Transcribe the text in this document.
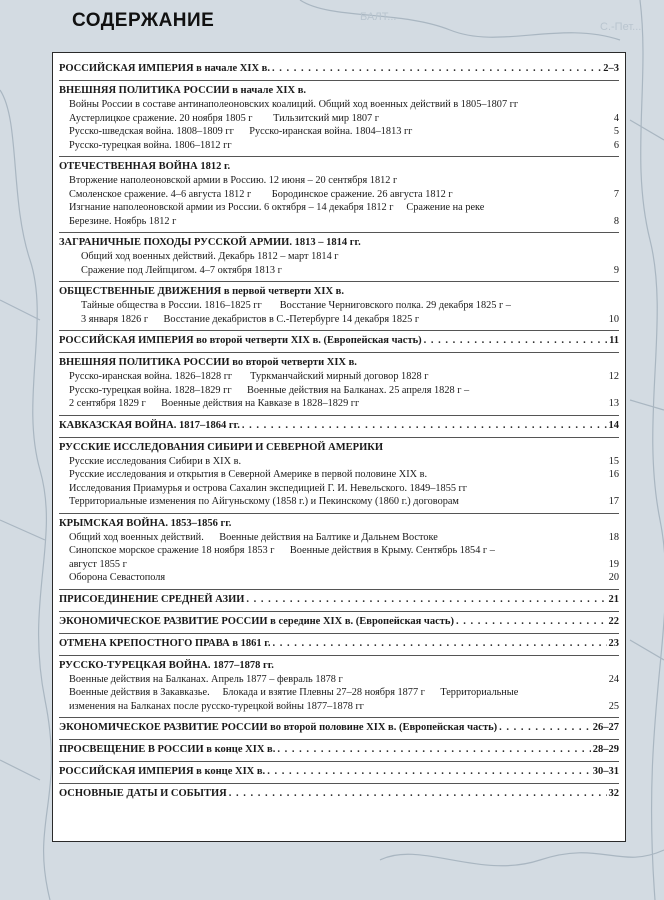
БАЛТ...
С.-Пет...
СОДЕРЖАНИЕ
РОССИЙСКАЯ ИМПЕРИЯ в начале XIX в. . . .	2–3
ВНЕШНЯЯ ПОЛИТИКА РОССИИ в начале XIX в.
Войны России в составе антинаполеоновских коалиций. Общий ход военных действий в 1805–1807 гг
Аустерлицкое сражение. 20 ноября 1805 г        Тильзитский мир 1807 г	4
Русско-шведская война. 1808–1809 гг      Русско-иранская война. 1804–1813 гг	5
Русско-турецкая война. 1806–1812 гг	6
ОТЕЧЕСТВЕННАЯ ВОЙНА 1812 г.
Вторжение наполеоновской армии в Россию. 12 июня – 20 сентября 1812 г
Смоленское сражение. 4–6 августа 1812 г        Бородинское сражение. 26 августа 1812 г	7
Изгнание наполеоновской армии из России. 6 октября – 14 декабря 1812 г     Сражение на реке
Березине. Ноябрь 1812 г	8
ЗАГРАНИЧНЫЕ ПОХОДЫ РУССКОЙ АРМИИ. 1813 – 1814 гг.
Общий ход военных действий. Декабрь 1812 – март 1814 г
Сражение под Лейпцигом. 4–7 октября 1813 г	9
ОБЩЕСТВЕННЫЕ ДВИЖЕНИЯ в первой четверти XIX в.
Тайные общества в России. 1816–1825 гг       Восстание Черниговского полка. 29 декабря 1825 г –
3 января 1826 г      Восстание декабристов в С.-Петербурге 14 декабря 1825 г	10
РОССИЙСКАЯ ИМПЕРИЯ во второй четверти XIX в. (Европейская часть) . . .	11
ВНЕШНЯЯ ПОЛИТИКА РОССИИ во второй четверти XIX в.
Русско-иранская война. 1826–1828 гг       Туркманчайский мирный договор 1828 г	12
Русско-турецкая война. 1828–1829 гг      Военные действия на Балканах. 25 апреля 1828 г –
2 сентября 1829 г      Военные действия на Кавказе в 1828–1829 гг	13
КАВКАЗСКАЯ ВОЙНА. 1817–1864 гг. . . .	14
РУССКИЕ ИССЛЕДОВАНИЯ СИБИРИ И СЕВЕРНОЙ АМЕРИКИ
Русские исследования Сибири в XIX в.	15
Русские исследования и открытия в Северной Америке в первой половине XIX в.	16
Исследования Приамурья и острова Сахалин экспедицией Г. И. Невельского. 1849–1855 гг
Территориальные изменения по Айгуньскому (1858 г.) и Пекинскому (1860 г.) договорам	17
КРЫМСКАЯ ВОЙНА. 1853–1856 гг.
Общий ход военных действий.      Военные действия на Балтике и Дальнем Востоке	18
Синопское морское сражение 18 ноября 1853 г      Военные действия в Крыму. Сентябрь 1854 г –
август 1855 г	19
Оборона Севастополя	20
ПРИСОЕДИНЕНИЕ СРЕДНЕЙ АЗИИ . . .	21
ЭКОНОМИЧЕСКОЕ РАЗВИТИЕ РОССИИ в середине XIX в. (Европейская часть) . . .	22
ОТМЕНА КРЕПОСТНОГО ПРАВА в 1861 г. . . .	23
РУССКО-ТУРЕЦКАЯ ВОЙНА. 1877–1878 гг.
Военные действия на Балканах. Апрель 1877 – февраль 1878 г	24
Военные действия в Закавказье.     Блокада и взятие Плевны 27–28 ноября 1877 г      Территориальные
изменения на Балканах после русско-турецкой войны 1877–1878 гг	25
ЭКОНОМИЧЕСКОЕ РАЗВИТИЕ РОССИИ во второй половине XIX в. (Европейская часть) . . .	26–27
ПРОСВЕЩЕНИЕ В РОССИИ в конце XIX в. . . .	28–29
РОССИЙСКАЯ ИМПЕРИЯ в конце XIX в. . . .	30–31
ОСНОВНЫЕ ДАТЫ И СОБЫТИЯ . . .	32
